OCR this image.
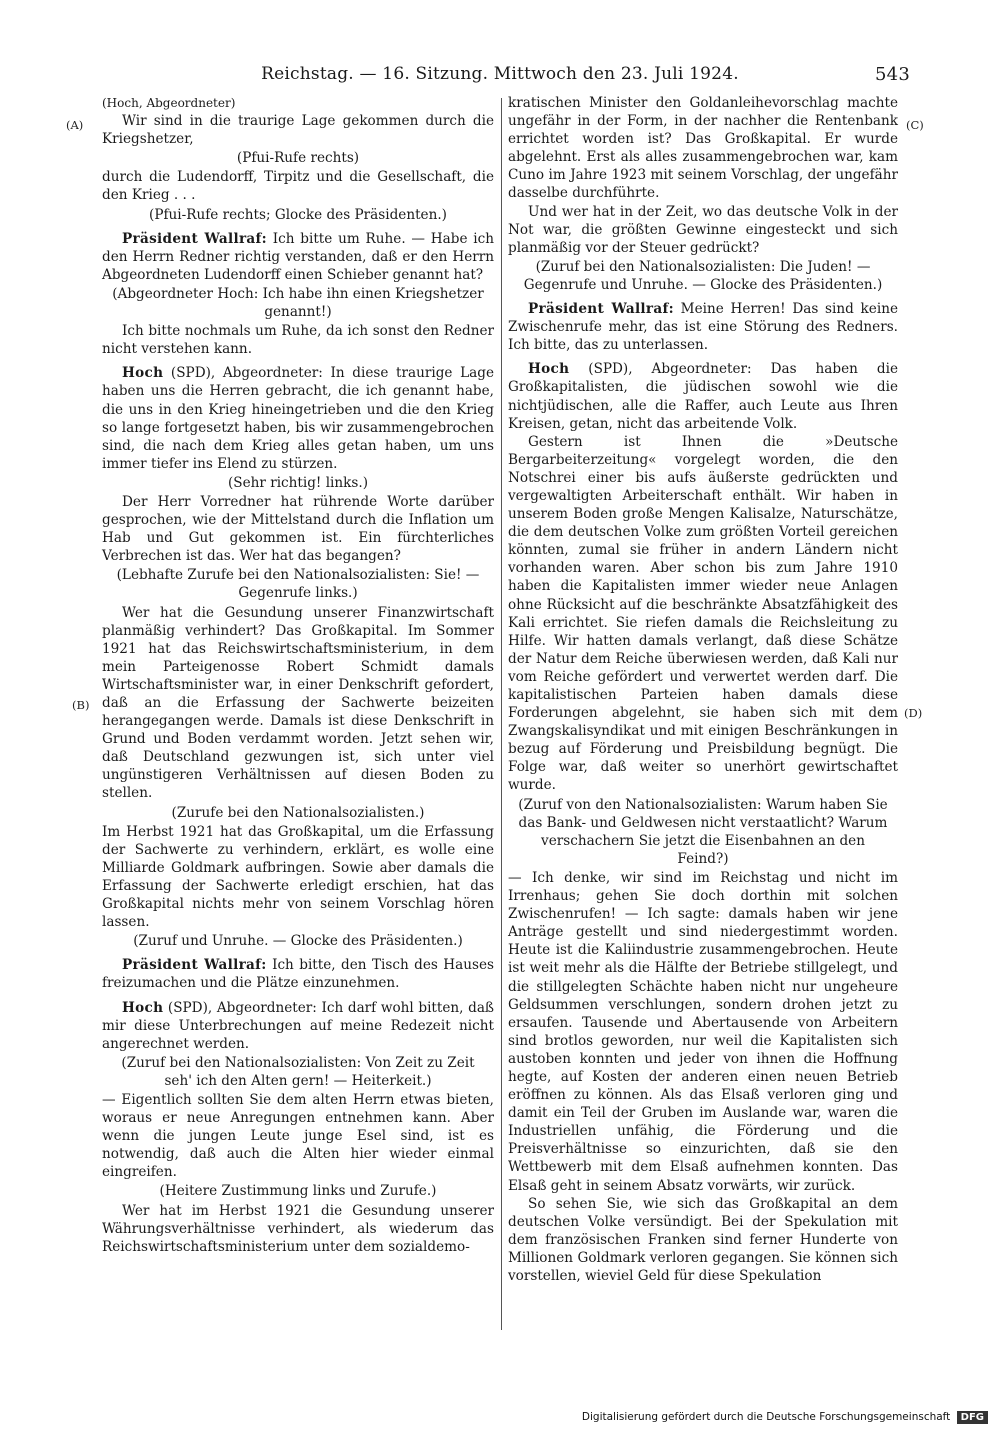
Reichstag. — 16. Sitzung. Mittwoch den 23. Juli 1924.	543
(A)
(B)
(C)
(D)

(Hoch, Abgeordneter)

Wir sind in die traurige Lage gekommen durch die Kriegshetzer,

(Pfui-Rufe rechts)

durch die Ludendorff, Tirpitz und die Gesellschaft, die den Krieg . . .

(Pfui-Rufe rechts; Glocke des Präsidenten.)

Präsident Wallraf: Ich bitte um Ruhe. — Habe ich den Herrn Redner richtig verstanden, daß er den Herrn Abgeordneten Ludendorff einen Schieber genannt hat?

(Abgeordneter Hoch: Ich habe ihn einen Kriegshetzer genannt!)

Ich bitte nochmals um Ruhe, da ich sonst den Redner nicht verstehen kann.

Hoch (SPD), Abgeordneter: In diese traurige Lage haben uns die Herren gebracht, die ich genannt habe, die uns in den Krieg hineingetrieben und die den Krieg so lange fortgesetzt haben, bis wir zusammengebrochen sind, die nach dem Krieg alles getan haben, um uns immer tiefer ins Elend zu stürzen.

(Sehr richtig! links.)

Der Herr Vorredner hat rührende Worte darüber gesprochen, wie der Mittelstand durch die Inflation um Hab und Gut gekommen ist. Ein fürchterliches Verbrechen ist das. Wer hat das begangen?

(Lebhafte Zurufe bei den Nationalsozialisten: Sie! — Gegenrufe links.)

Wer hat die Gesundung unserer Finanzwirtschaft planmäßig verhindert? Das Großkapital. Im Sommer 1921 hat das Reichswirtschaftsministerium, in dem mein Parteigenosse Robert Schmidt damals Wirtschaftsminister war, in einer Denkschrift gefordert, daß an die Erfassung der Sachwerte beizeiten herangegangen werde. Damals ist diese Denkschrift in Grund und Boden verdammt worden. Jetzt sehen wir, daß Deutschland gezwungen ist, sich unter viel ungünstigeren Verhältnissen auf diesen Boden zu stellen.

(Zurufe bei den Nationalsozialisten.)

Im Herbst 1921 hat das Großkapital, um die Erfassung der Sachwerte zu verhindern, erklärt, es wolle eine Milliarde Goldmark aufbringen. Sowie aber damals die Erfassung der Sachwerte erledigt erschien, hat das Großkapital nichts mehr von seinem Vorschlag hören lassen.

(Zuruf und Unruhe. — Glocke des Präsidenten.)

Präsident Wallraf: Ich bitte, den Tisch des Hauses freizumachen und die Plätze einzunehmen.

Hoch (SPD), Abgeordneter: Ich darf wohl bitten, daß mir diese Unterbrechungen auf meine Redezeit nicht angerechnet werden.

(Zuruf bei den Nationalsozialisten: Von Zeit zu Zeit seh' ich den Alten gern! — Heiterkeit.)

— Eigentlich sollten Sie dem alten Herrn etwas bieten, woraus er neue Anregungen entnehmen kann. Aber wenn die jungen Leute junge Esel sind, ist es notwendig, daß auch die Alten hier wieder einmal eingreifen.

(Heitere Zustimmung links und Zurufe.)

Wer hat im Herbst 1921 die Gesundung unserer Währungsverhältnisse verhindert, als wiederum das Reichswirtschaftsministerium unter dem sozialdemo-

kratischen Minister den Goldanleihevorschlag machte ungefähr in der Form, in der nachher die Rentenbank errichtet worden ist? Das Großkapital. Er wurde abgelehnt. Erst als alles zusammengebrochen war, kam Cuno im Jahre 1923 mit seinem Vorschlag, der ungefähr dasselbe durchführte.

Und wer hat in der Zeit, wo das deutsche Volk in der Not war, die größten Gewinne eingesteckt und sich planmäßig vor der Steuer gedrückt?

(Zuruf bei den Nationalsozialisten: Die Juden! — Gegenrufe und Unruhe. — Glocke des Präsidenten.)

Präsident Wallraf: Meine Herren! Das sind keine Zwischenrufe mehr, das ist eine Störung des Redners. Ich bitte, das zu unterlassen.

Hoch (SPD), Abgeordneter: Das haben die Großkapitalisten, die jüdischen sowohl wie die nichtjüdischen, alle die Raffer, auch Leute aus Ihren Kreisen, getan, nicht das arbeitende Volk.

Gestern ist Ihnen die »Deutsche Bergarbeiterzeitung« vorgelegt worden, die den Notschrei einer bis aufs äußerste gedrückten und vergewaltigten Arbeiterschaft enthält. Wir haben in unserem Boden große Mengen Kalisalze, Naturschätze, die dem deutschen Volke zum größten Vorteil gereichen könnten, zumal sie früher in andern Ländern nicht vorhanden waren. Aber schon bis zum Jahre 1910 haben die Kapitalisten immer wieder neue Anlagen ohne Rücksicht auf die beschränkte Absatzfähigkeit des Kali errichtet. Sie riefen damals die Reichsleitung zu Hilfe. Wir hatten damals verlangt, daß diese Schätze der Natur dem Reiche überwiesen werden, daß Kali nur vom Reiche gefördert und verwertet werden darf. Die kapitalistischen Parteien haben damals diese Forderungen abgelehnt, sie haben sich mit dem Zwangskalisyndikat und mit einigen Beschränkungen in bezug auf Förderung und Preisbildung begnügt. Die Folge war, daß weiter so unerhört gewirtschaftet wurde.

(Zuruf von den Nationalsozialisten: Warum haben Sie das Bank- und Geldwesen nicht verstaatlicht? Warum verschachern Sie jetzt die Eisenbahnen an den Feind?)

— Ich denke, wir sind im Reichstag und nicht im Irrenhaus; gehen Sie doch dorthin mit solchen Zwischenrufen! — Ich sagte: damals haben wir jene Anträge gestellt und sind niedergestimmt worden. Heute ist die Kaliindustrie zusammengebrochen. Heute ist weit mehr als die Hälfte der Betriebe stillgelegt, und die stillgelegten Schächte haben nicht nur ungeheure Geldsummen verschlungen, sondern drohen jetzt zu ersaufen. Tausende und Abertausende von Arbeitern sind brotlos geworden, nur weil die Kapitalisten sich austoben konnten und jeder von ihnen die Hoffnung hegte, auf Kosten der anderen einen neuen Betrieb eröffnen zu können. Als das Elsaß verloren ging und damit ein Teil der Gruben im Auslande war, waren die Industriellen unfähig, die Förderung und die Preisverhältnisse so einzurichten, daß sie den Wettbewerb mit dem Elsaß aufnehmen konnten. Das Elsaß geht in seinem Absatz vorwärts, wir zurück.

So sehen Sie, wie sich das Großkapital an dem deutschen Volke versündigt. Bei der Spekulation mit dem französischen Franken sind ferner Hunderte von Millionen Goldmark verloren gegangen. Sie können sich vorstellen, wieviel Geld für diese Spekulation

Digitalisierung gefördert durch die Deutsche Forschungsgemeinschaft DFG
